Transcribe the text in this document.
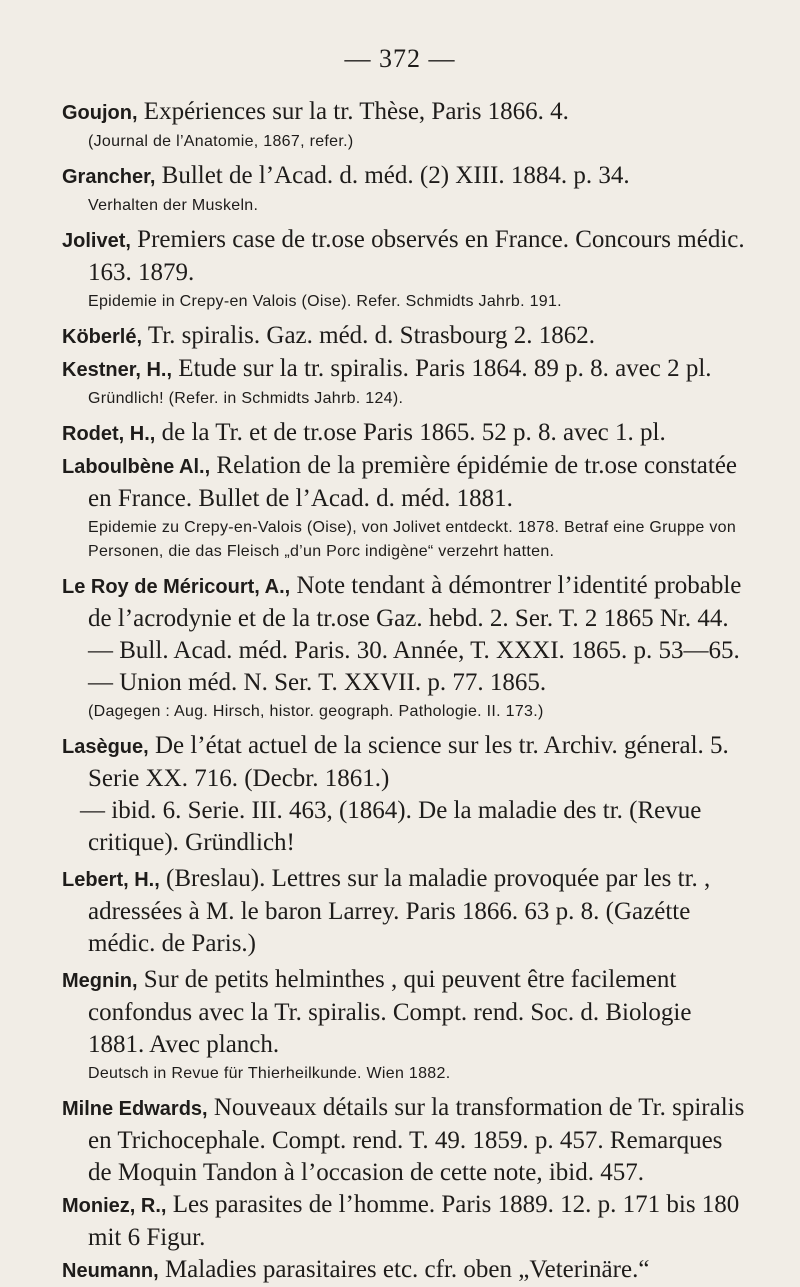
— 372 —

Goujon, Expériences sur la tr. Thèse, Paris 1866. 4.

(Journal de l’Anatomie, 1867, refer.)

Grancher, Bullet de l’Acad. d. méd. (2) XIII. 1884. p. 34.

Verhalten der Muskeln.

Jolivet, Premiers case de tr.ose observés en France. Concours médic. 163. 1879.

Epidemie in Crepy-en Valois (Oise). Refer. Schmidts Jahrb. 191.

Köberlé, Tr. spiralis. Gaz. méd. d. Strasbourg 2. 1862.

Kestner, H., Etude sur la tr. spiralis. Paris 1864. 89 p. 8. avec 2 pl.

Gründlich! (Refer. in Schmidts Jahrb. 124).

Rodet, H., de la Tr. et de tr.ose Paris 1865. 52 p. 8. avec 1. pl.

Laboulbène Al., Relation de la première épidémie de tr.ose constatée en France. Bullet de l’Acad. d. méd. 1881.

Epidemie zu Crepy-en-Valois (Oise), von Jolivet entdeckt. 1878. Betraf eine Gruppe von Personen, die das Fleisch „d’un Porc indigène“ verzehrt hatten.

Le Roy de Méricourt, A., Note tendant à démontrer l’identité probable de l’acrodynie et de la tr.ose Gaz. hebd. 2. Ser. T. 2 1865 Nr. 44. — Bull. Acad. méd. Paris. 30. Année, T. XXXI. 1865. p. 53—65. — Union méd. N. Ser. T. XXVII. p. 77. 1865.

(Dagegen : Aug. Hirsch, histor. geograph. Pathologie. II. 173.)

Lasègue, De l’état actuel de la science sur les tr. Archiv. géneral. 5. Serie XX. 716. (Decbr. 1861.)

— ibid. 6. Serie. III. 463, (1864). De la maladie des tr. (Revue critique). Gründlich!

Lebert, H., (Breslau). Lettres sur la maladie provoquée par les tr. , adressées à M. le baron Larrey. Paris 1866. 63 p. 8. (Gazétte médic. de Paris.)

Megnin, Sur de petits helminthes , qui peuvent être facilement confondus avec la Tr. spiralis. Compt. rend. Soc. d. Biologie 1881. Avec planch.

Deutsch in Revue für Thierheilkunde. Wien 1882.

Milne Edwards, Nouveaux détails sur la transformation de Tr. spiralis en Trichocephale. Compt. rend. T. 49. 1859. p. 457. Remarques de Moquin Tandon à l’occasion de cette note, ibid. 457.

Moniez, R., Les parasites de l’homme. Paris 1889. 12. p. 171 bis 180 mit 6 Figur.

Neumann, Maladies parasitaires etc. cfr. oben „Veterinäre.“
